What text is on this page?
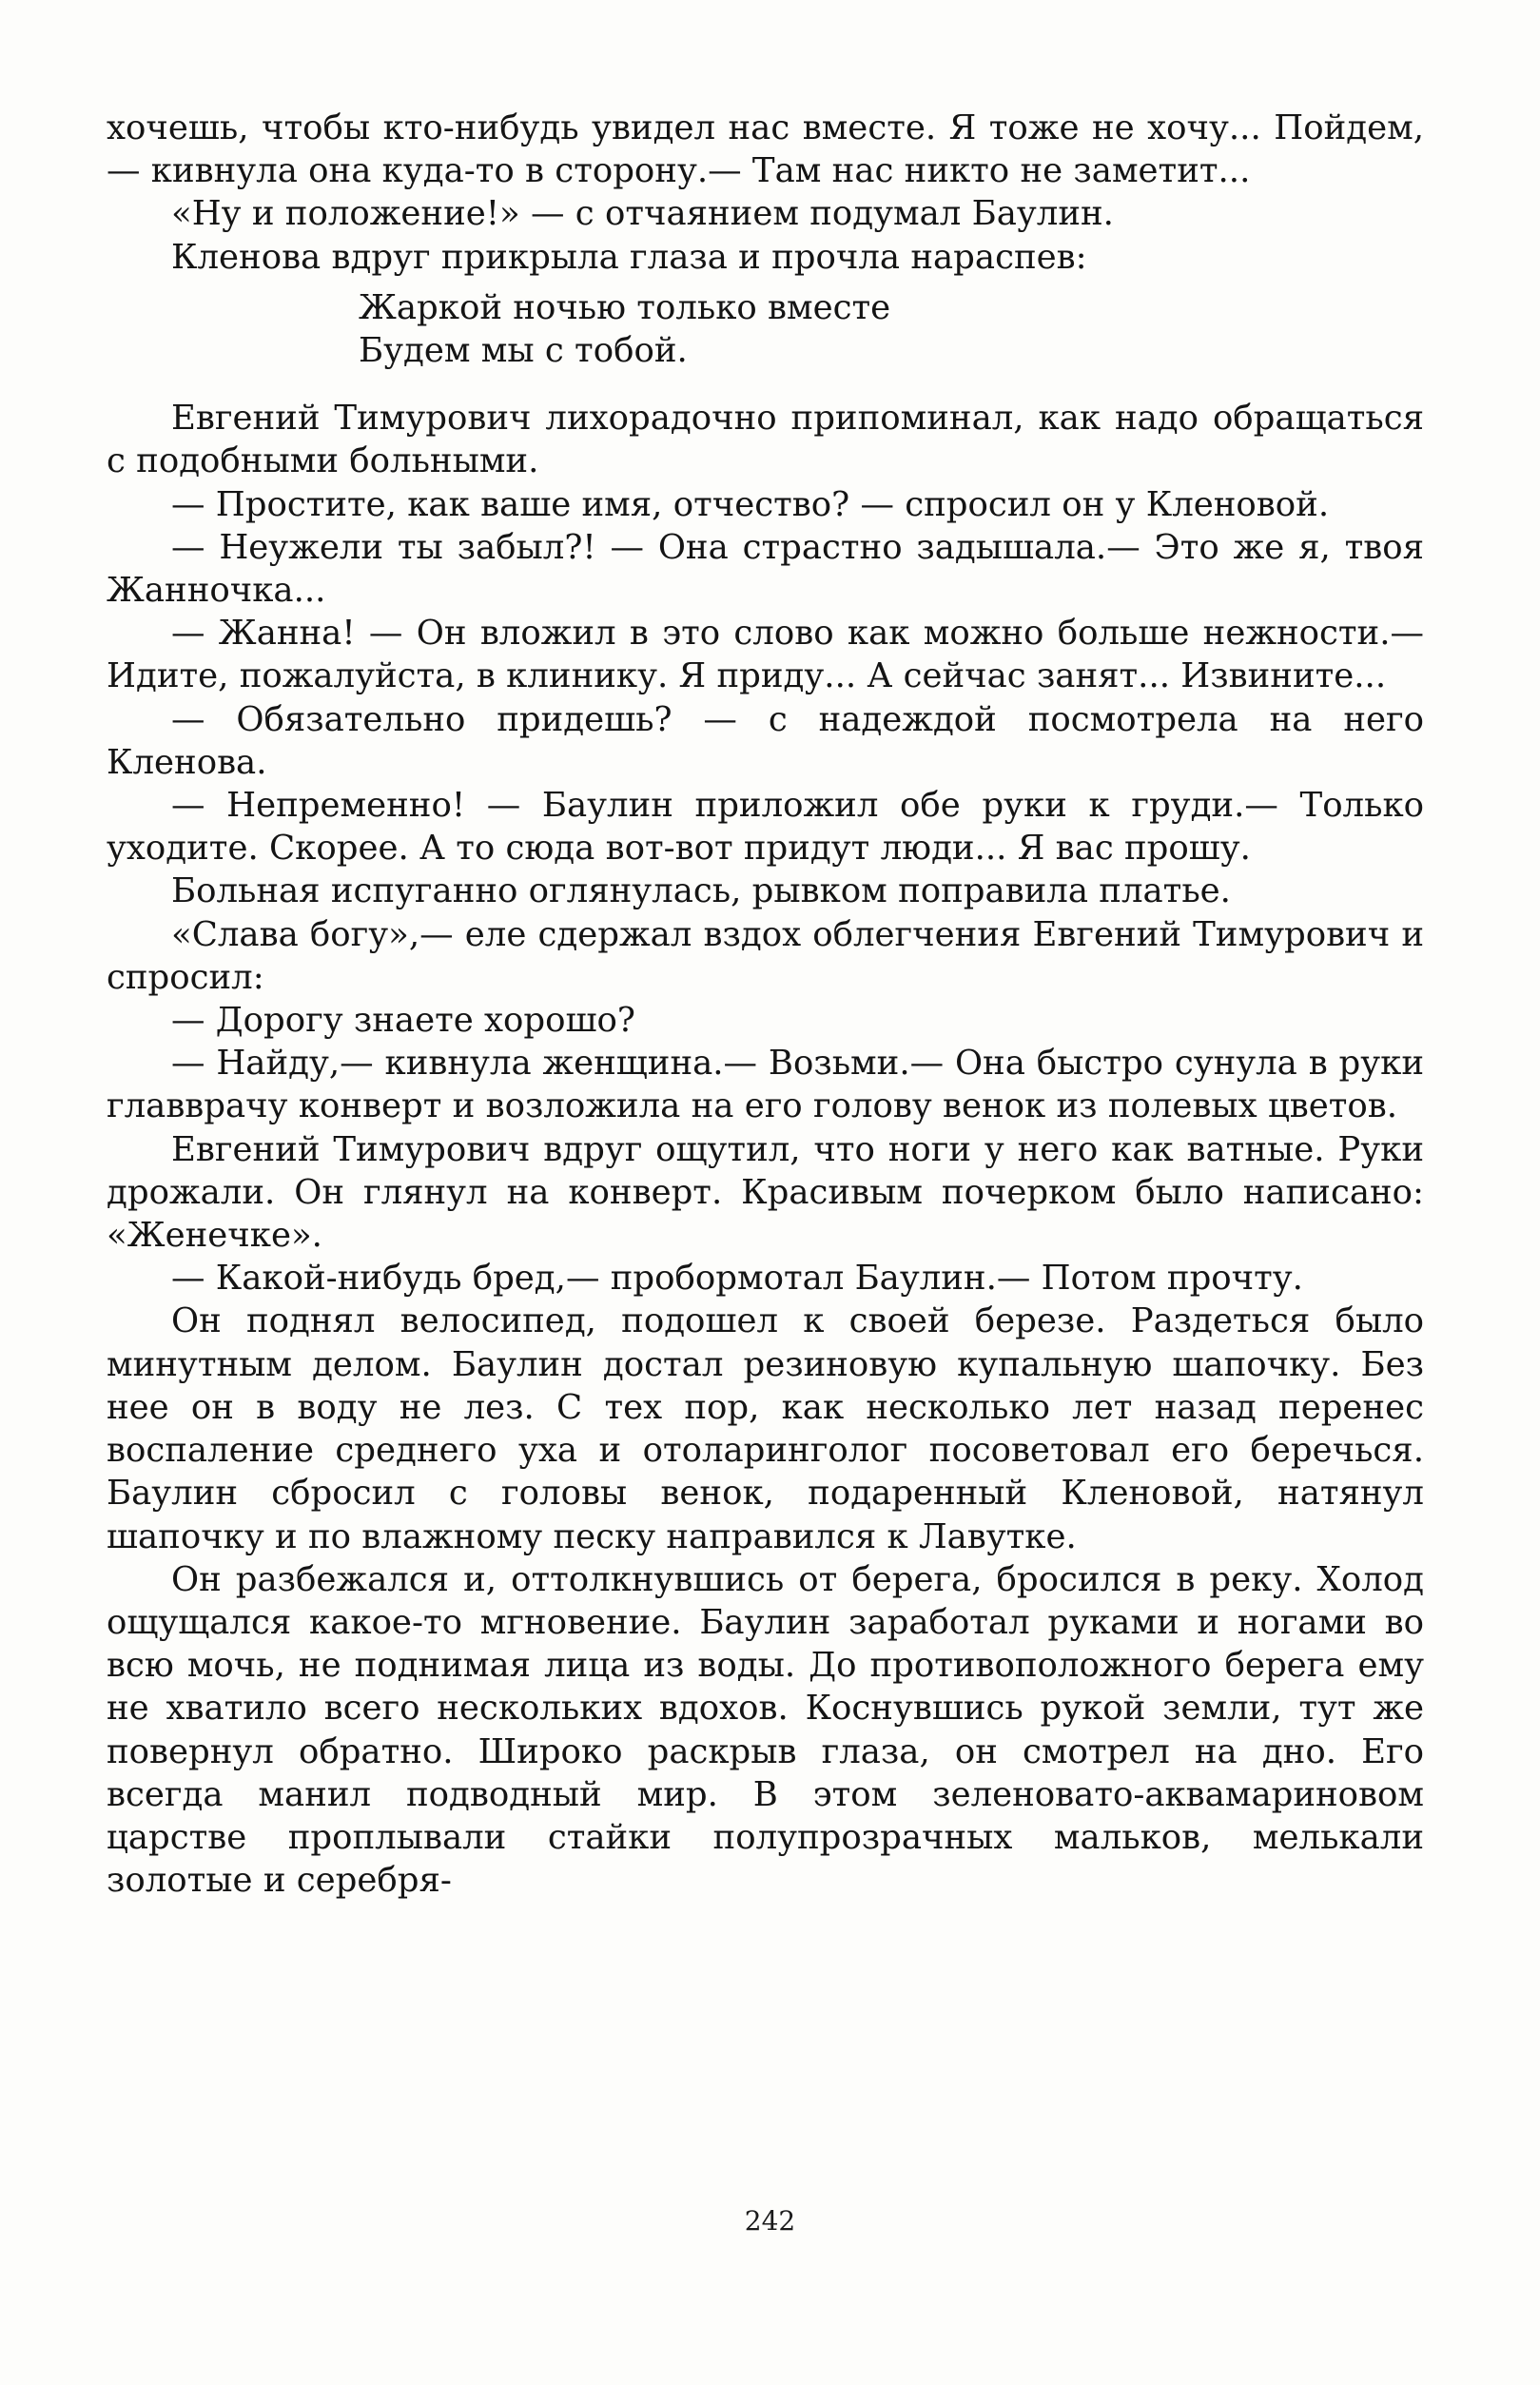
хочешь, чтобы кто-нибудь увидел нас вместе. Я тоже не хочу... Пойдем,— кивнула она куда-то в сторону.— Там нас никто не заметит...

«Ну и положение!» — с отчаянием подумал Баулин.

Кленова вдруг прикрыла глаза и прочла нараспев:

Жаркой ночью только вместе
Будем мы с тобой.

Евгений Тимурович лихорадочно припоминал, как надо обращаться с подобными больными.

— Простите, как ваше имя, отчество? — спросил он у Кленовой.

— Неужели ты забыл?! — Она страстно задышала.— Это же я, твоя Жанночка...

— Жанна! — Он вложил в это слово как можно больше нежности.— Идите, пожалуйста, в клинику. Я приду... А сейчас занят... Извините...

— Обязательно придешь? — с надеждой посмотрела на него Кленова.

— Непременно! — Баулин приложил обе руки к груди.— Только уходите. Скорее. А то сюда вот-вот придут люди... Я вас прошу.

Больная испуганно оглянулась, рывком поправила платье.

«Слава богу»,— еле сдержал вздох облегчения Евгений Тимурович и спросил:

— Дорогу знаете хорошо?

— Найду,— кивнула женщина.— Возьми.— Она быстро сунула в руки главврачу конверт и возложила на его голову венок из полевых цветов.

Евгений Тимурович вдруг ощутил, что ноги у него как ватные. Руки дрожали. Он глянул на конверт. Красивым почерком было написано: «Женечке».

— Какой-нибудь бред,— пробормотал Баулин.— Потом прочту.

Он поднял велосипед, подошел к своей березе. Раздеться было минутным делом. Баулин достал резиновую купальную шапочку. Без нее он в воду не лез. С тех пор, как несколько лет назад перенес воспаление среднего уха и отоларинголог посоветовал его беречься. Баулин сбросил с головы венок, подаренный Кленовой, натянул шапочку и по влажному песку направился к Лавутке.

Он разбежался и, оттолкнувшись от берега, бросился в реку. Холод ощущался какое-то мгновение. Баулин заработал руками и ногами во всю мочь, не поднимая лица из воды. До противоположного берега ему не хватило всего нескольких вдохов. Коснувшись рукой земли, тут же повернул обратно. Широко раскрыв глаза, он смотрел на дно. Его всегда манил подводный мир. В этом зеленовато-аквамариновом царстве проплывали стайки полупрозрачных мальков, мелькали золотые и серебря-

242
